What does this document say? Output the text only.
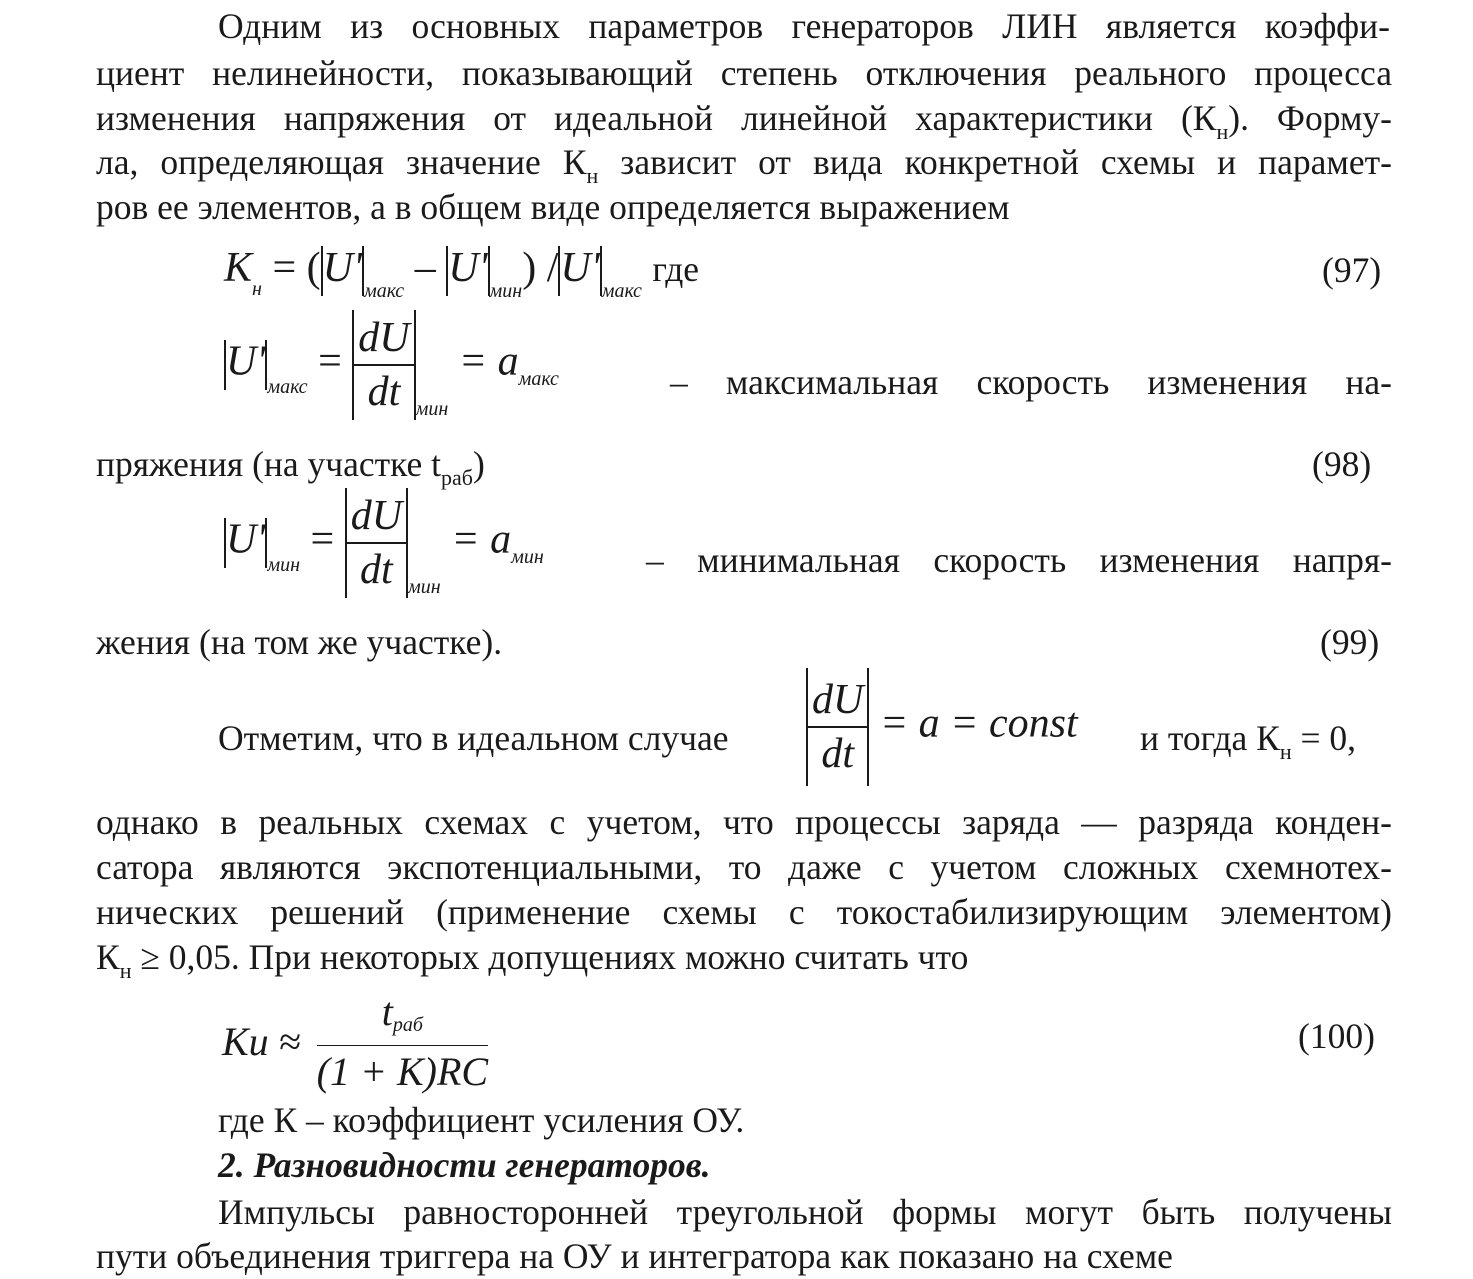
Одним из основных параметров генераторов ЛИН является коэффи-
циент нелинейности, показывающий степень отключения реального процесса
изменения напряжения от идеальной линейной характеристики $(К_н)$. Форму-
ла, определяющая значение $К_н$ зависит от вида конкретной схемы и парамет-
ров ее элементов, а в общем виде определяется выражением
$K_н = (U'$ $_{макс}$ – U' $_{мин}$) /U' $_{макс}$ где	(97)
$U'_{макс} = \frac{dU}{dt} _{мин} = a_{макс}$	– максимальная скорость изменения на-
пряжения (на участке $t_{раб}$)	(98)
$U'_{мин} = \frac{dU}{dt} _{мин} = a_{мин}$	– минимальная скорость изменения напря-
жения (на том же участке).	(99)
Отметим, что в идеальном случае $\frac{dU}{dt} = a$ = const и тогда $К_н = 0$,
однако в реальных схемах с учетом, что процессы заряда — разряда конден-
сатора являются экспотенциальными, то даже с учетом сложных схемнотех-
нических решений (применение схемы с токостабилизирующим элементом)
$К_н \ge 0,05$. При некоторых допущениях можно считать что
$Ku \approx \frac{\text{tраб}}{(1 + K)RC}$	(100)
где К – коэффициент усиления ОУ.
2. Разновидности генераторов.
Импульсы равносторонней треугольной формы могут быть получены
пути объединения триггера на ОУ и интегратора как показано на схеме
